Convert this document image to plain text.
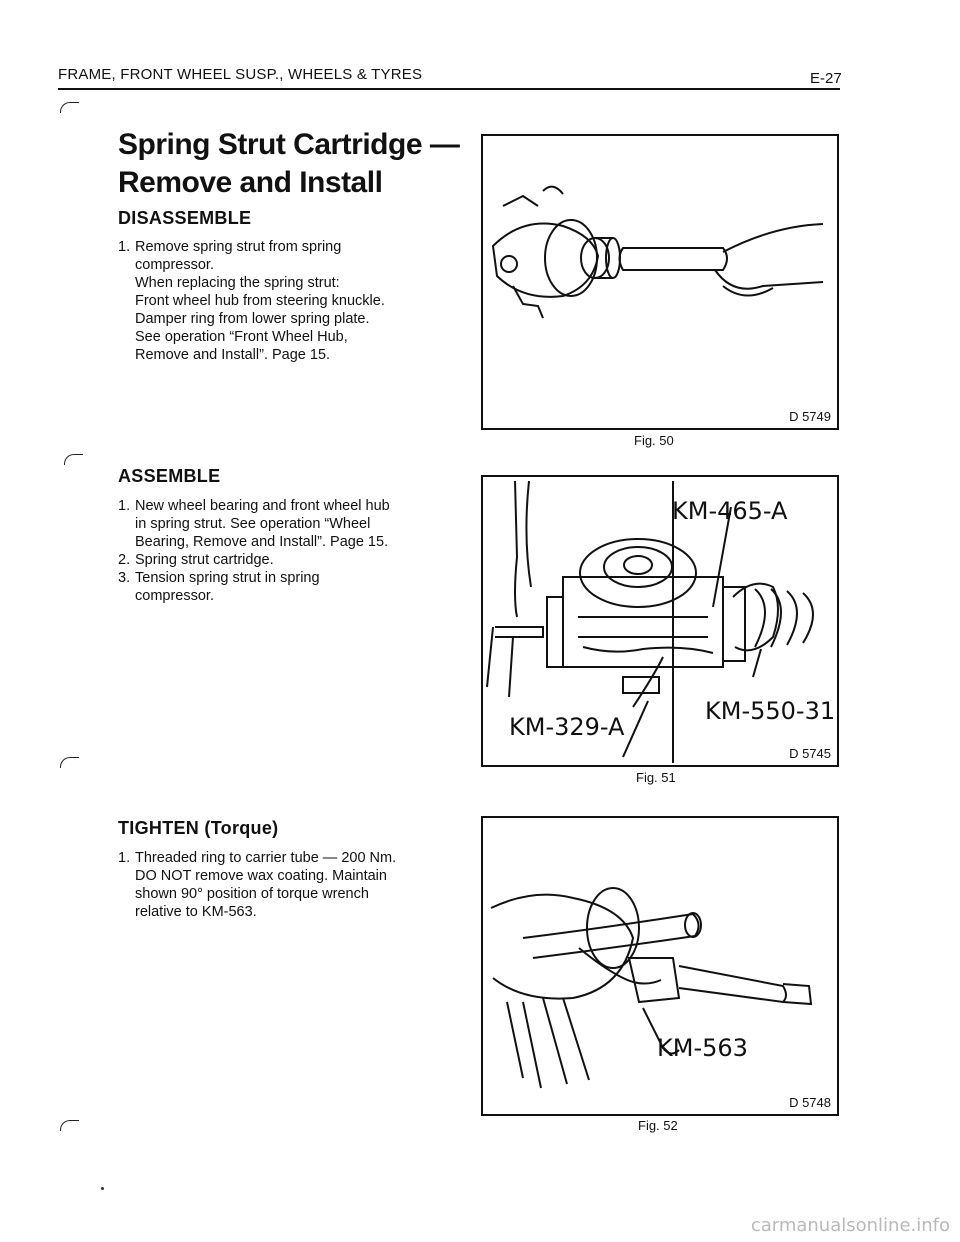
FRAME, FRONT WHEEL SUSP., WHEELS & TYRES	E-27
Spring Strut Cartridge —
Remove and Install
DISASSEMBLE
1. Remove spring strut from spring
compressor.
When replacing the spring strut:
Front wheel hub from steering knuckle.
Damper ring from lower spring plate.
See operation “Front Wheel Hub,
Remove and Install”. Page 15.
ASSEMBLE
1. New wheel bearing and front wheel hub
in spring strut. See operation “Wheel
Bearing, Remove and Install”. Page 15.
2. Spring strut cartridge.
3. Tension spring strut in spring
compressor.
TIGHTEN (Torque)
1. Threaded ring to carrier tube — 200 Nm.
DO NOT remove wax coating. Maintain
shown 90° position of torque wrench
relative to KM-563.
D 5749
Fig. 50
KM-465-A
KM-550-31
KM-329-A
D 5745
Fig. 51
KM-563
D 5748
Fig. 52
carmanualsonline.info
